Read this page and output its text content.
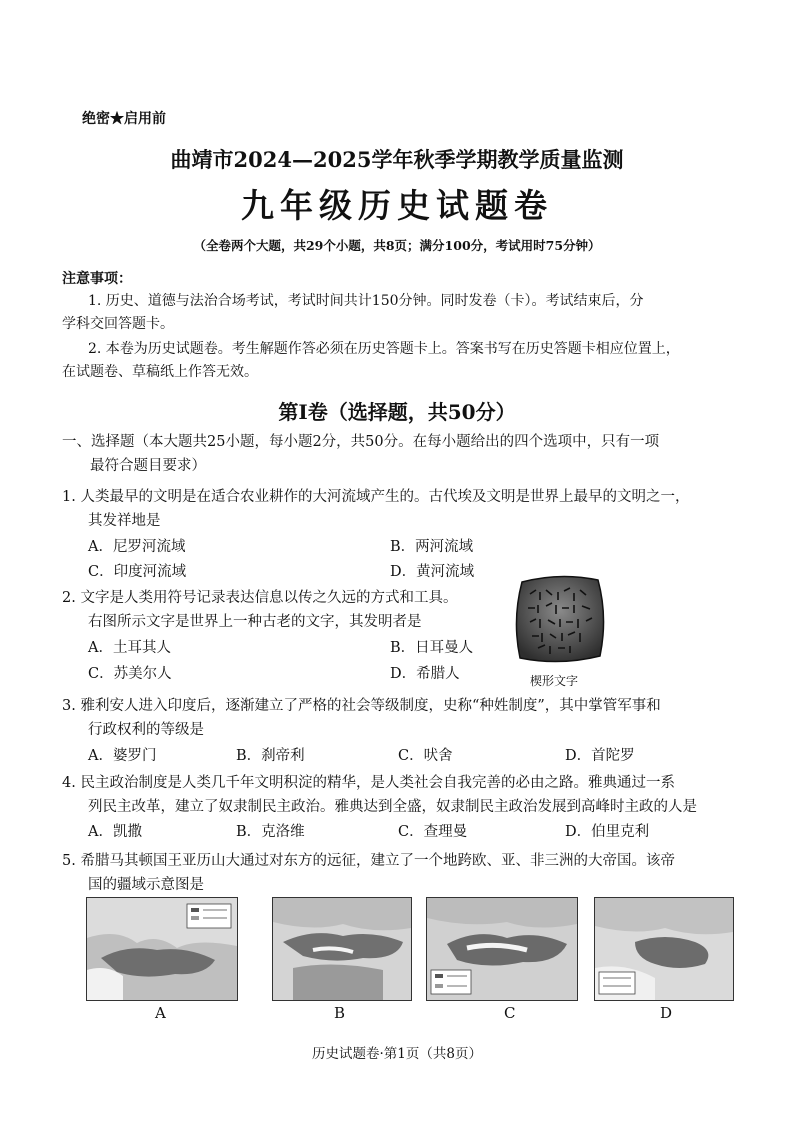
绝密★启用前
曲靖市2024—2025学年秋季学期教学质量监测
九年级历史试题卷
（全卷两个大题，共29个小题，共8页；满分100分，考试用时75分钟）
注意事项：
1. 历史、道德与法治合场考试，考试时间共计150分钟。同时发卷（卡）。考试结束后，分
学科交回答题卡。
2. 本卷为历史试题卷。考生解题作答必须在历史答题卡上。答案书写在历史答题卡相应位置上，
在试题卷、草稿纸上作答无效。
第Ⅰ卷（选择题，共50分）
一、选择题（本大题共25小题，每小题2分，共50分。在每小题给出的四个选项中，只有一项
最符合题目要求）
1. 人类最早的文明是在适合农业耕作的大河流域产生的。古代埃及文明是世界上最早的文明之一，
其发祥地是
A．尼罗河流域	B．两河流域
C．印度河流域	D．黄河流域
2. 文字是人类用符号记录表达信息以传之久远的方式和工具。
右图所示文字是世界上一种古老的文字，其发明者是
A．土耳其人	B．日耳曼人
C．苏美尔人	D．希腊人	楔形文字
3. 雅利安人进入印度后，逐渐建立了严格的社会等级制度，史称“种姓制度”，其中掌管军事和
行政权利的等级是
A．婆罗门	B．刹帝利	C．吠舍	D．首陀罗
4. 民主政治制度是人类几千年文明积淀的精华，是人类社会自我完善的必由之路。雅典通过一系
列民主改革，建立了奴隶制民主政治。雅典达到全盛，奴隶制民主政治发展到高峰时主政的人是
A．凯撒	B．克洛维	C．查理曼	D．伯里克利
5. 希腊马其顿国王亚历山大通过对东方的远征，建立了一个地跨欧、亚、非三洲的大帝国。该帝
国的疆域示意图是
A	B	C	D
历史试题卷·第1页（共8页）
